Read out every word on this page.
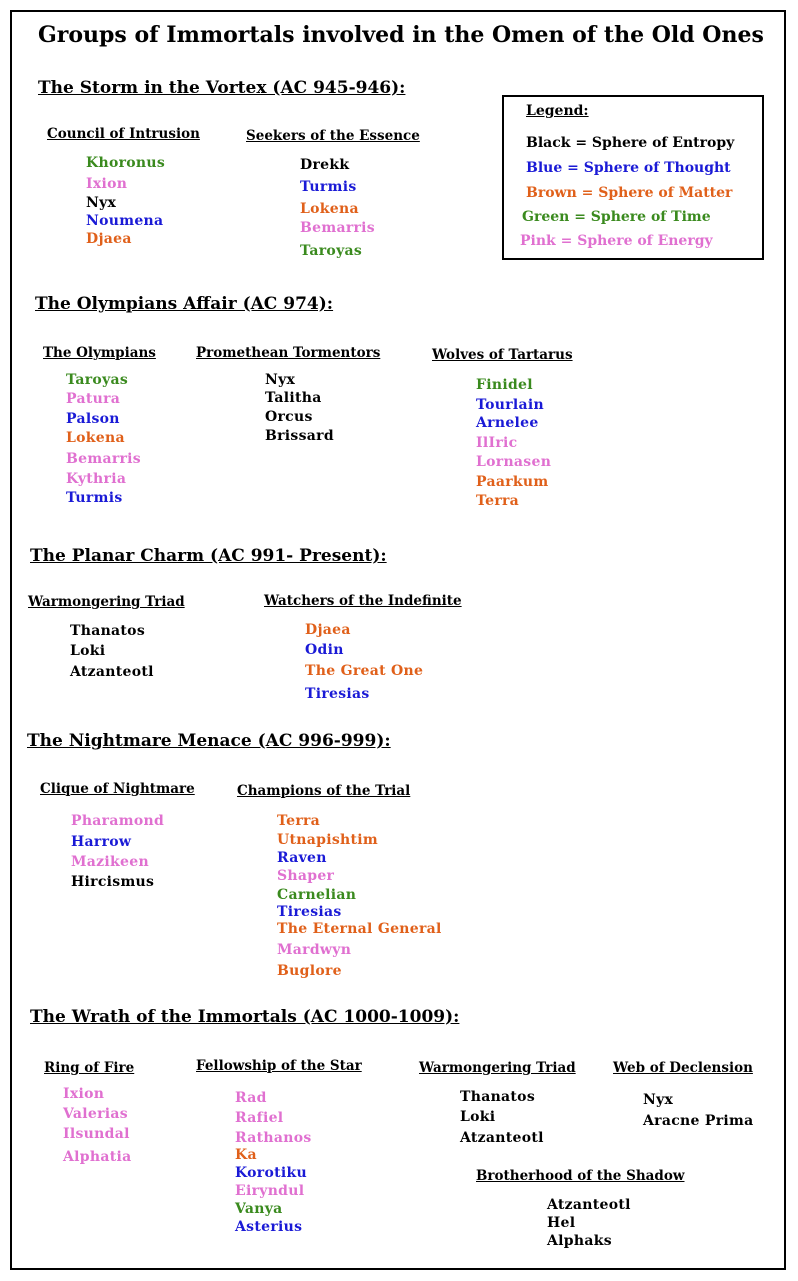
Groups of Immortals involved in the Omen of the Old Ones
Legend:
Black = Sphere of Entropy
Blue = Sphere of Thought
Brown = Sphere of Matter
Green = Sphere of Time
Pink = Sphere of Energy
The Storm in the Vortex (AC 945-946):
Council of Intrusion
Khoronus
Ixion
Nyx
Noumena
Djaea
Seekers of the Essence
Drekk
Turmis
Lokena
Bemarris
Taroyas
The Olympians Affair (AC 974):
The Olympians
Taroyas
Patura
Palson
Lokena
Bemarris
Kythria
Turmis
Promethean Tormentors
Nyx
Talitha
Orcus
Brissard
Wolves of Tartarus
Finidel
Tourlain
Arnelee
IlIric
Lornasen
Paarkum
Terra
The Planar Charm (AC 991- Present):
Warmongering Triad
Thanatos
Loki
Atzanteotl
Watchers of the Indefinite
Djaea
Odin
The Great One
Tiresias
The Nightmare Menace (AC 996-999):
Clique of Nightmare
Pharamond
Harrow
Mazikeen
Hircismus
Champions of the Trial
Terra
Utnapishtim
Raven
Shaper
Carnelian
Tiresias
The Eternal General
Mardwyn
Buglore
The Wrath of the Immortals (AC 1000-1009):
Ring of Fire
Ixion
Valerias
Ilsundal
Alphatia
Fellowship of the Star
Rad
Rafiel
Rathanos
Ka
Korotiku
Eiryndul
Vanya
Asterius
Warmongering Triad
Thanatos
Loki
Atzanteotl
Web of Declension
Nyx
Aracne Prima
Brotherhood of the Shadow
Atzanteotl
Hel
Alphaks
